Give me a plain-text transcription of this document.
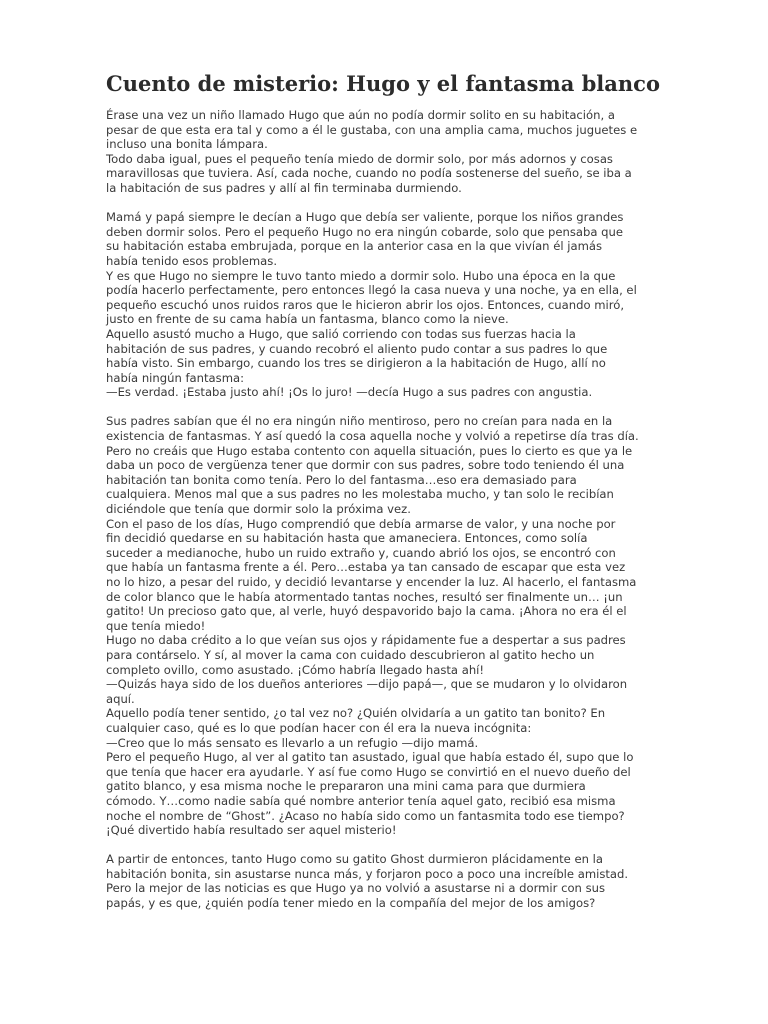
Cuento de misterio: Hugo y el fantasma blanco

Érase una vez un niño llamado Hugo que aún no podía dormir solito en su habitación, a
pesar de que esta era tal y como a él le gustaba, con una amplia cama, muchos juguetes e
incluso una bonita lámpara.
Todo daba igual, pues el pequeño tenía miedo de dormir solo, por más adornos y cosas
maravillosas que tuviera. Así, cada noche, cuando no podía sostenerse del sueño, se iba a
la habitación de sus padres y allí al fin terminaba durmiendo.

Mamá y papá siempre le decían a Hugo que debía ser valiente, porque los niños grandes
deben dormir solos. Pero el pequeño Hugo no era ningún cobarde, solo que pensaba que
su habitación estaba embrujada, porque en la anterior casa en la que vivían él jamás
había tenido esos problemas.
Y es que Hugo no siempre le tuvo tanto miedo a dormir solo. Hubo una época en la que
podía hacerlo perfectamente, pero entonces llegó la casa nueva y una noche, ya en ella, el
pequeño escuchó unos ruidos raros que le hicieron abrir los ojos. Entonces, cuando miró,
justo en frente de su cama había un fantasma, blanco como la nieve.
Aquello asustó mucho a Hugo, que salió corriendo con todas sus fuerzas hacia la
habitación de sus padres, y cuando recobró el aliento pudo contar a sus padres lo que
había visto. Sin embargo, cuando los tres se dirigieron a la habitación de Hugo, allí no
había ningún fantasma:
—Es verdad. ¡Estaba justo ahí! ¡Os lo juro! —decía Hugo a sus padres con angustia.

Sus padres sabían que él no era ningún niño mentiroso, pero no creían para nada en la
existencia de fantasmas. Y así quedó la cosa aquella noche y volvió a repetirse día tras día.
Pero no creáis que Hugo estaba contento con aquella situación, pues lo cierto es que ya le
daba un poco de vergüenza tener que dormir con sus padres, sobre todo teniendo él una
habitación tan bonita como tenía. Pero lo del fantasma…eso era demasiado para
cualquiera. Menos mal que a sus padres no les molestaba mucho, y tan solo le recibían
diciéndole que tenía que dormir solo la próxima vez.
Con el paso de los días, Hugo comprendió que debía armarse de valor, y una noche por
fin decidió quedarse en su habitación hasta que amaneciera. Entonces, como solía
suceder a medianoche, hubo un ruido extraño y, cuando abrió los ojos, se encontró con
que había un fantasma frente a él. Pero…estaba ya tan cansado de escapar que esta vez
no lo hizo, a pesar del ruido, y decidió levantarse y encender la luz. Al hacerlo, el fantasma
de color blanco que le había atormentado tantas noches, resultó ser finalmente un… ¡un
gatito! Un precioso gato que, al verle, huyó despavorido bajo la cama. ¡Ahora no era él el
que tenía miedo!
Hugo no daba crédito a lo que veían sus ojos y rápidamente fue a despertar a sus padres
para contárselo. Y sí, al mover la cama con cuidado descubrieron al gatito hecho un
completo ovillo, como asustado. ¡Cómo habría llegado hasta ahí!
—Quizás haya sido de los dueños anteriores —dijo papá—, que se mudaron y lo olvidaron
aquí.
Aquello podía tener sentido, ¿o tal vez no? ¿Quién olvidaría a un gatito tan bonito? En
cualquier caso, qué es lo que podían hacer con él era la nueva incógnita:
—Creo que lo más sensato es llevarlo a un refugio —dijo mamá.
Pero el pequeño Hugo, al ver al gatito tan asustado, igual que había estado él, supo que lo
que tenía que hacer era ayudarle. Y así fue como Hugo se convirtió en el nuevo dueño del
gatito blanco, y esa misma noche le prepararon una mini cama para que durmiera
cómodo. Y…como nadie sabía qué nombre anterior tenía aquel gato, recibió esa misma
noche el nombre de “Ghost”. ¿Acaso no había sido como un fantasmita todo ese tiempo?
¡Qué divertido había resultado ser aquel misterio!

A partir de entonces, tanto Hugo como su gatito Ghost durmieron plácidamente en la
habitación bonita, sin asustarse nunca más, y forjaron poco a poco una increíble amistad.
Pero la mejor de las noticias es que Hugo ya no volvió a asustarse ni a dormir con sus
papás, y es que, ¿quién podía tener miedo en la compañía del mejor de los amigos?
